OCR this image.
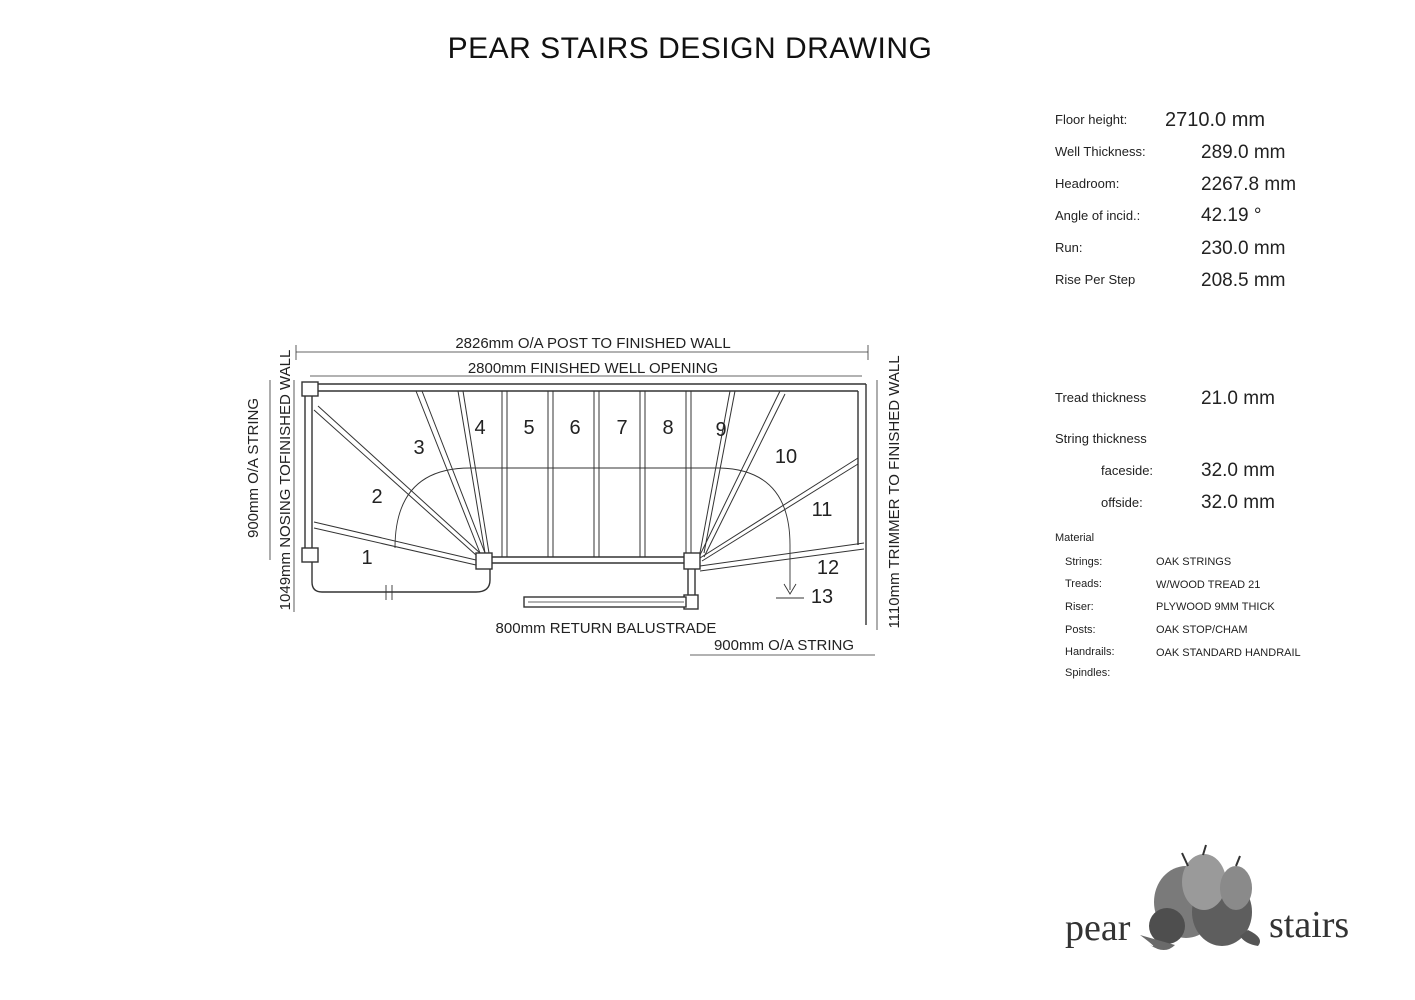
PEAR STAIRS DESIGN DRAWING
2826mm O/A POST TO FINISHED WALL
2800mm FINISHED WELL OPENING
1049mm NOSING TOFINISHED WALL
900mm O/A STRING	1110mm TRIMMER TO FINISHED WALL
800mm RETURN BALUSTRADE
900mm O/A STRING
1
2
3
4 5 6 7 8 9
10
11
12
13
pear	stairs
Floor height: 2710.0 mm
Well Thickness:	289.0 mm
Headroom:	2267.8 mm
Angle of incid.:	42.19 °
Run:	230.0 mm
Rise Per Step	208.5 mm
Tread thickness	21.0 mm
String thickness
faceside:	32.0 mm
offside:	32.0 mm
Material
Strings:	OAK STRINGS
Treads:	W/WOOD TREAD 21
Riser:	PLYWOOD 9MM THICK
Posts:	OAK STOP/CHAM
Handrails:	OAK STANDARD HANDRAIL
Spindles:
